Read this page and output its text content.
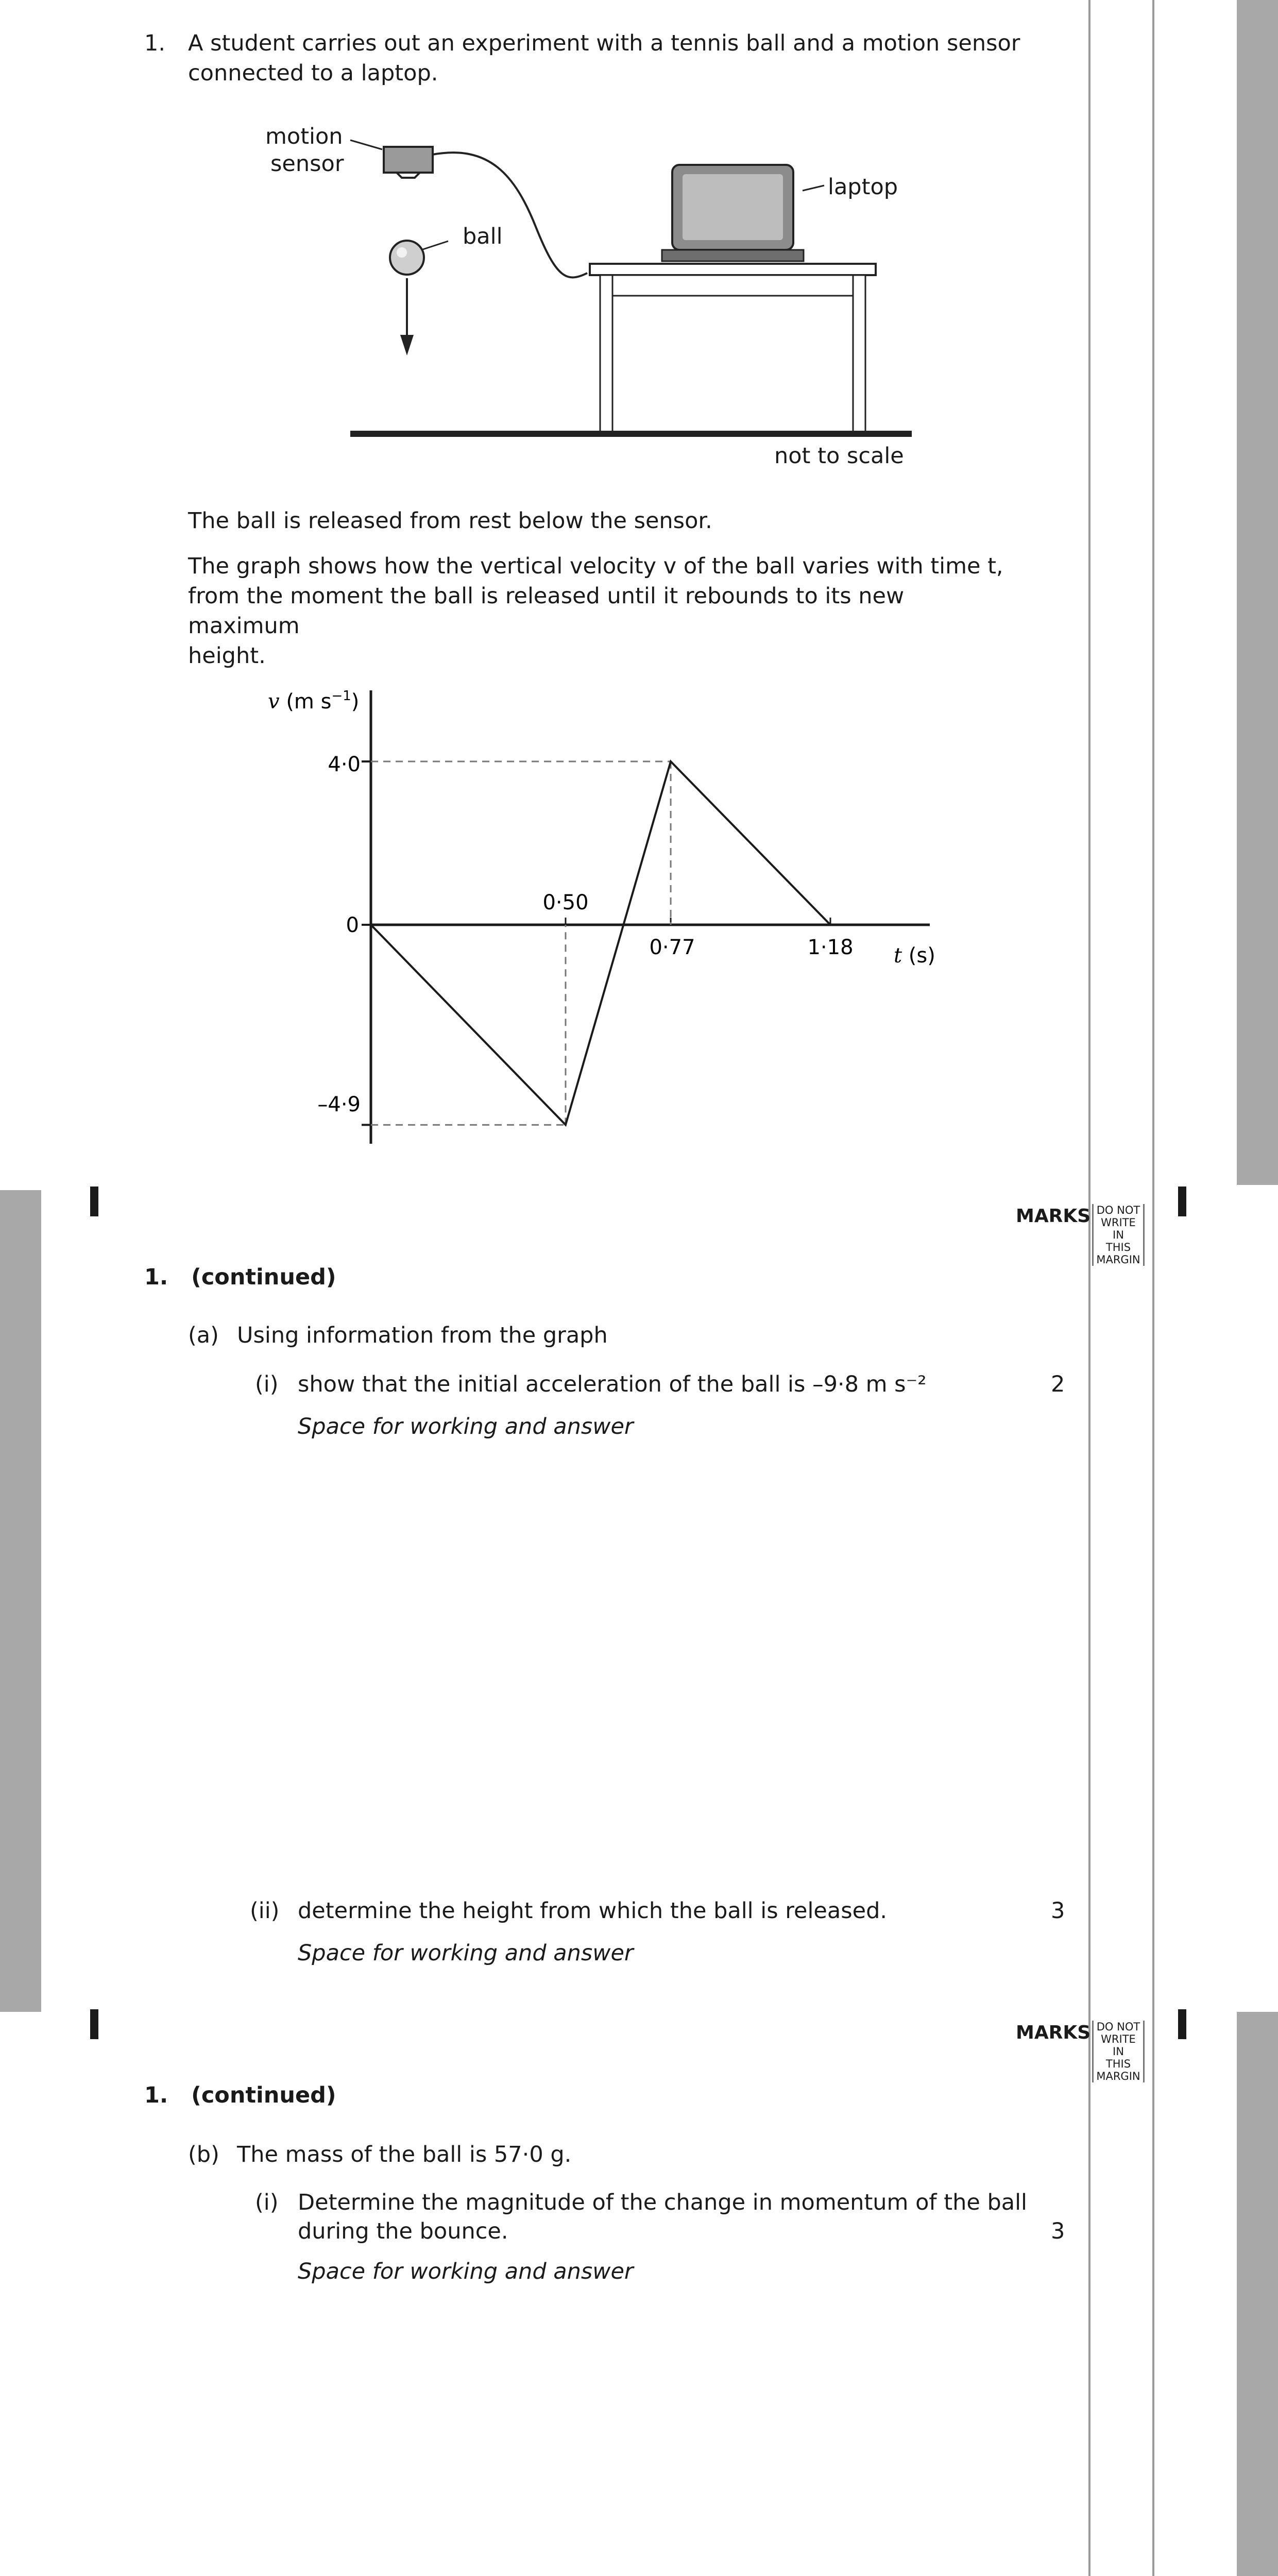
1. A student carries out an experiment with a tennis ball and a motion sensor
connected to a laptop.
motion
sensor
ball
laptop
not to scale
The ball is released from rest below the sensor.
The graph shows how the vertical velocity v of the ball varies with time t,
from the moment the ball is released until it rebounds to its new maximum
height.
v (m $s^{-1}$)
4·0
0
–4·9
0·50
0·77	1·18 t (s)
MARKS DO NOT
WRITE IN
THIS
MARGIN
1.   (continued)
(a) Using information from the graph
(i) show that the initial acceleration of the ball is –9·8 m s⁻²	2
Space for working and answer
(ii) determine the height from which the ball is released.	3
Space for working and answer
MARKS DO NOT
WRITE IN
THIS
MARGIN
1.   (continued)
(b) The mass of the ball is 57·0 g.
(i) Determine the magnitude of the change in momentum of the ball
during the bounce.	3
Space for working and answer
